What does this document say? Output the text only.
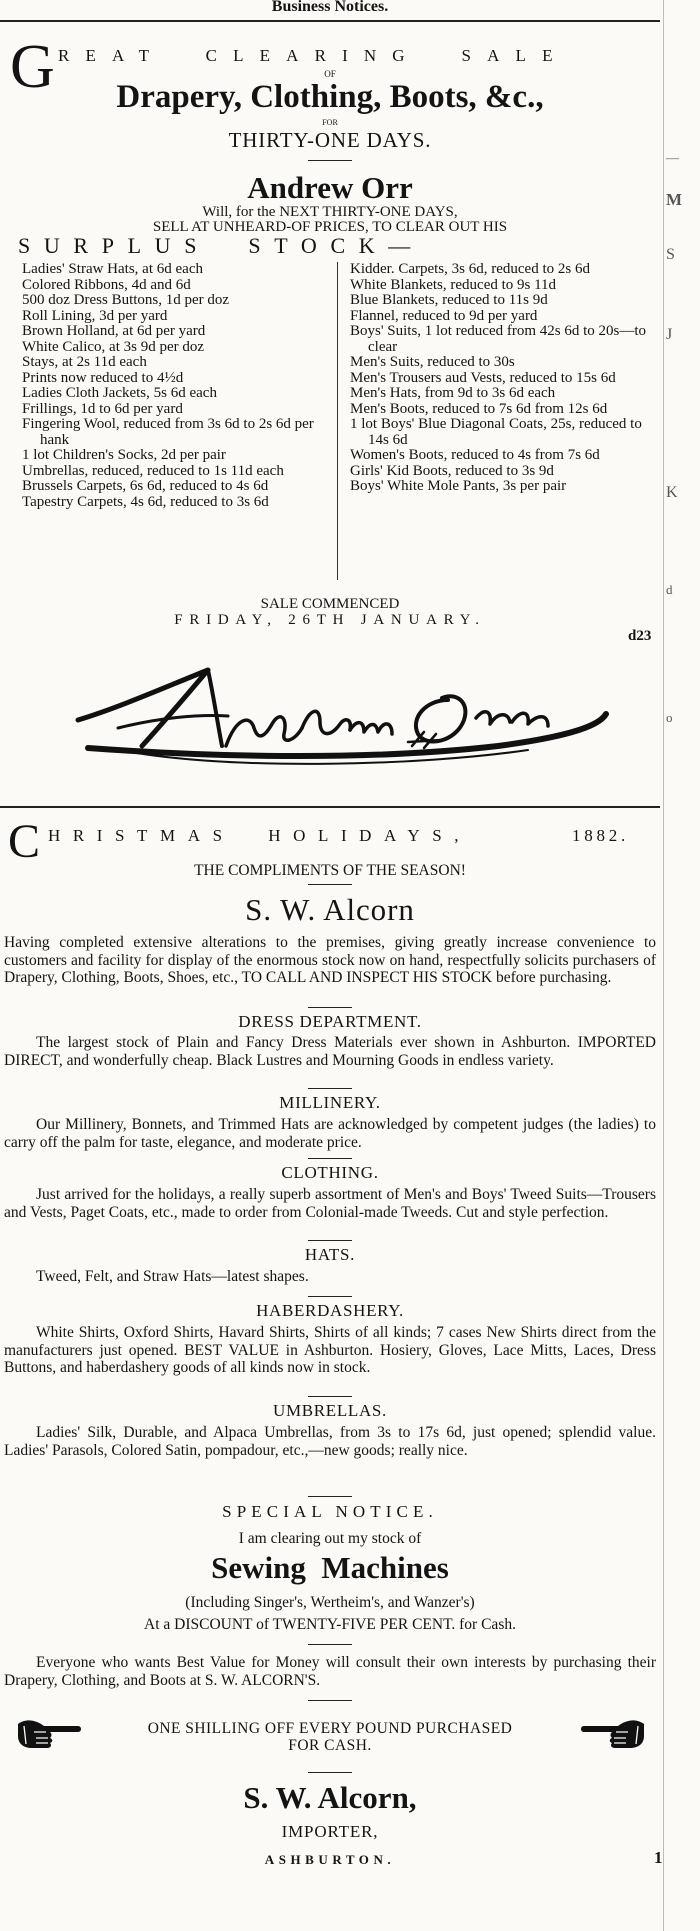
Business Notices.
G REAT  CLEARING  SALE
OF
Drapery, Clothing, Boots, &c.,
FOR
THIRTY-ONE DAYS.
Andrew Orr
Will, for the NEXT THIRTY-ONE DAYS,
SELL AT UNHEARD-OF PRICES, TO CLEAR OUT HIS
SURPLUS  STOCK—

Ladies' Straw Hats, at 6d each

Colored Ribbons, 4d and 6d

500 doz Dress Buttons, 1d per doz

Roll Lining, 3d per yard

Brown Holland, at 6d per yard

White Calico, at 3s 9d per doz

Stays, at 2s 11d each

Prints now reduced to 4½d

Ladies Cloth Jackets, 5s 6d each

Frillings, 1d to 6d per yard

Fingering Wool, reduced from 3s 6d to 2s 6d per hank

1 lot Children's Socks, 2d per pair

Umbrellas, reduced, reduced to 1s 11d each

Brussels Carpets, 6s 6d, reduced to 4s 6d

Tapestry Carpets, 4s 6d, reduced to 3s 6d

Kidder. Carpets, 3s 6d, reduced to 2s 6d

White Blankets, reduced to 9s 11d

Blue Blankets, reduced to 11s 9d

Flannel, reduced to 9d per yard

Boys' Suits, 1 lot reduced from 42s 6d to 20s—to clear

Men's Suits, reduced to 30s

Men's Trousers aud Vests, reduced to 15s 6d

Men's Hats, from 9d to 3s 6d each

Men's Boots, reduced to 7s 6d from 12s 6d

1 lot Boys' Blue Diagonal Coats, 25s, reduced to 14s 6d

Women's Boots, reduced to 4s from 7s 6d

Girls' Kid Boots, reduced to 3s 9d

Boys' White Mole Pants, 3s per pair

SALE COMMENCED
FRIDAY, 26TH JANUARY.
d23
C HRISTMAS  HOLIDAYS,	1882.
THE COMPLIMENTS OF THE SEASON!
S. W. Alcorn
Having completed extensive alterations to the premises, giving greatly increase convenience to customers and facility for display of the enormous stock now on hand, respectfully solicits purchasers of Drapery, Clothing, Boots, Shoes, etc., TO CALL AND INSPECT HIS STOCK before purchasing.
DRESS DEPARTMENT.
The largest stock of Plain and Fancy Dress Materials ever shown in Ashburton. IMPORTED DIRECT, and wonderfully cheap. Black Lustres and Mourning Goods in endless variety.
MILLINERY.
Our Millinery, Bonnets, and Trimmed Hats are acknowledged by competent judges (the ladies) to carry off the palm for taste, elegance, and moderate price.
CLOTHING.
Just arrived for the holidays, a really superb assortment of Men's and Boys' Tweed Suits—Trousers and Vests, Paget Coats, etc., made to order from Colonial-made Tweeds. Cut and style perfection.
HATS.
Tweed, Felt, and Straw Hats—latest shapes.
HABERDASHERY.
White Shirts, Oxford Shirts, Havard Shirts, Shirts of all kinds; 7 cases New Shirts direct from the manufacturers just opened. BEST VALUE in Ashburton. Hosiery, Gloves, Lace Mitts, Laces, Dress Buttons, and haberdashery goods of all kinds now in stock.
UMBRELLAS.
Ladies' Silk, Durable, and Alpaca Umbrellas, from 3s to 17s 6d, just opened; splendid value. Ladies' Parasols, Colored Satin, pompadour, etc.,—new goods; really nice.
SPECIAL NOTICE.
I am clearing out my stock of
Sewing  Machines
(Including Singer's, Wertheim's, and Wanzer's)
At a DISCOUNT of TWENTY-FIVE PER CENT. for Cash.
Everyone who wants Best Value for Money will consult their own interests by purchasing their Drapery, Clothing, and Boots at S. W. ALCORN'S.
ONE SHILLING OFF EVERY POUND PURCHASED
FOR CASH.
S. W. Alcorn,
IMPORTER,
ASHBURTON.	1
M
—
S
J
K
d
o
